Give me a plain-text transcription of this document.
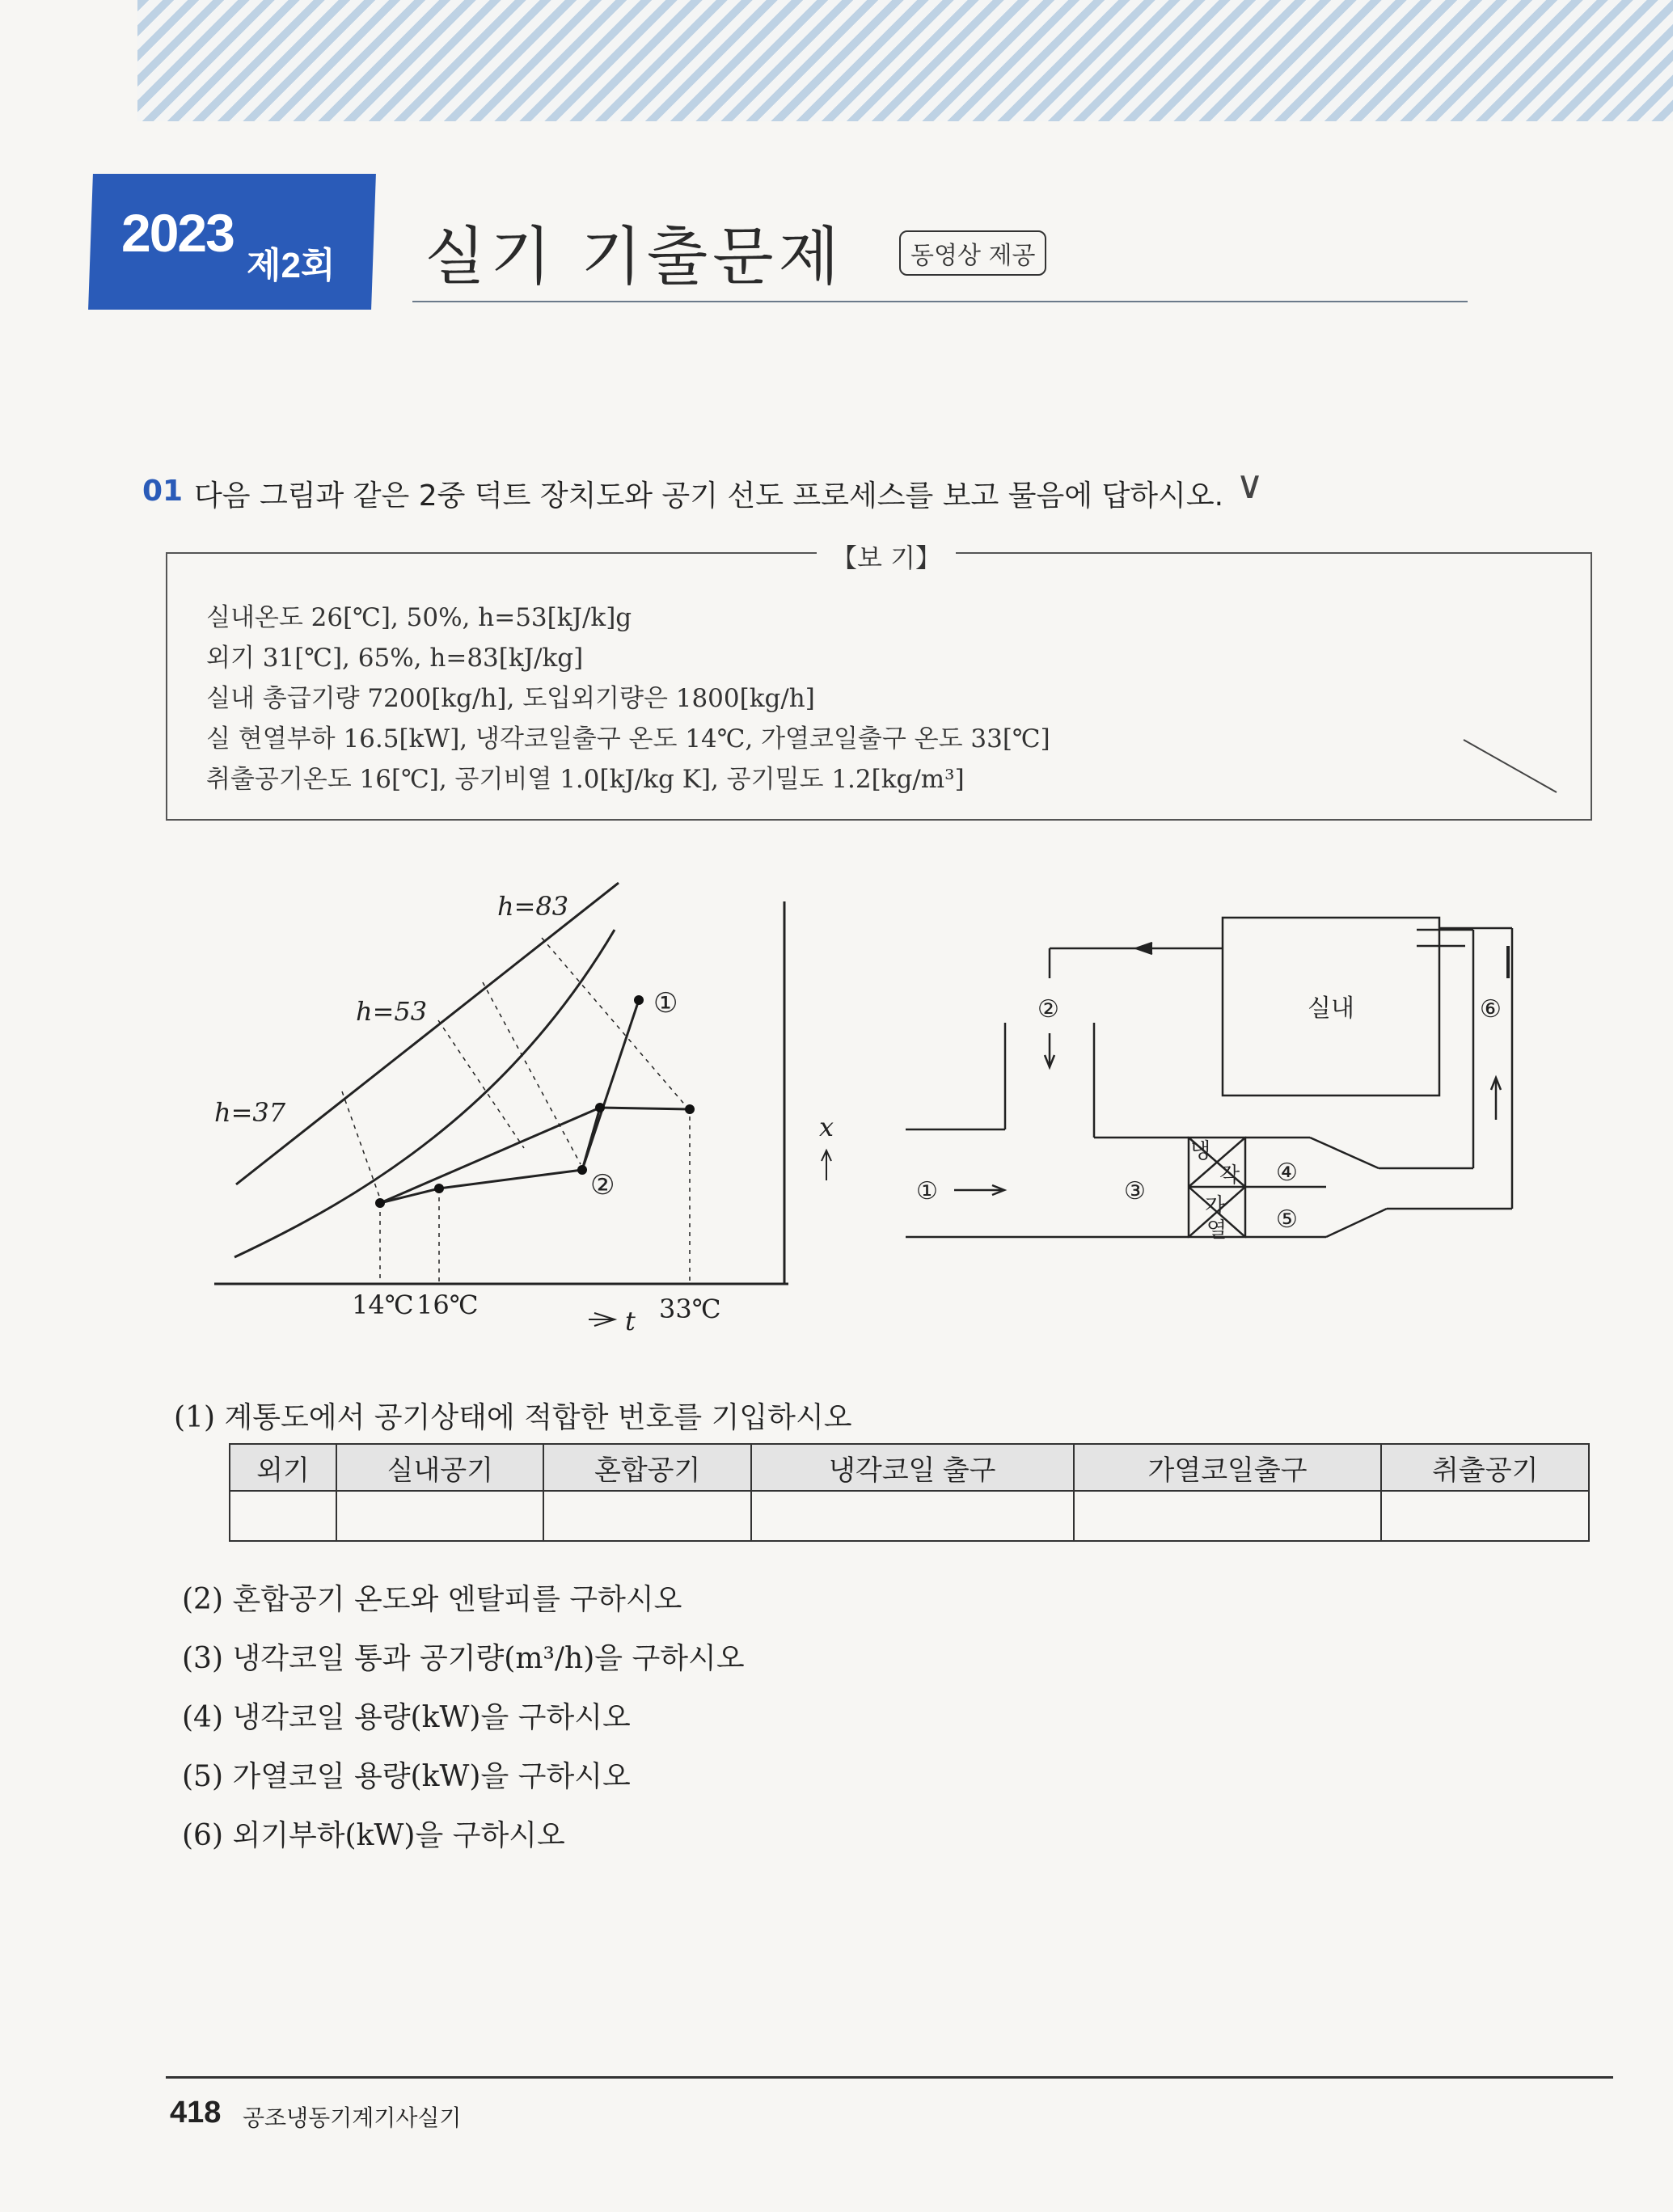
2023
제2회 실기 기출문제	동영상 제공
01 다음 그림과 같은 2중 덕트 장치도와 공기 선도 프로세스를 보고 물음에 답하시오. ∨
【보 기】
실내온도 26[℃], 50%, h=53[kJ/k]g
외기 31[℃], 65%, h=83[kJ/kg]
실내 총급기량 7200[kg/h], 도입외기량은 1800[kg/h]
실 현열부하 16.5[kW], 냉각코일출구 온도 14℃, 가열코일출구 온도 33[℃]
취출공기온도 16[℃], 공기비열 1.0[kJ/kg K], 공기밀도 1.2[kg/m³]
h=83
h=53
h=37	x
t
①
②
14℃ 16℃	33℃
실내
②	⑥
①	③
④
⑤
냉
각
가
열
(1) 계통도에서 공기상태에 적합한 번호를 기입하시오
외기	실내공기	혼합공기	냉각코일 출구	가열코일출구	취출공기

(2) 혼합공기 온도와 엔탈피를 구하시오
(3) 냉각코일 통과 공기량(m³/h)을 구하시오
(4) 냉각코일 용량(kW)을 구하시오
(5) 가열코일 용량(kW)을 구하시오
(6) 외기부하(kW)을 구하시오
418 공조냉동기계기사실기
